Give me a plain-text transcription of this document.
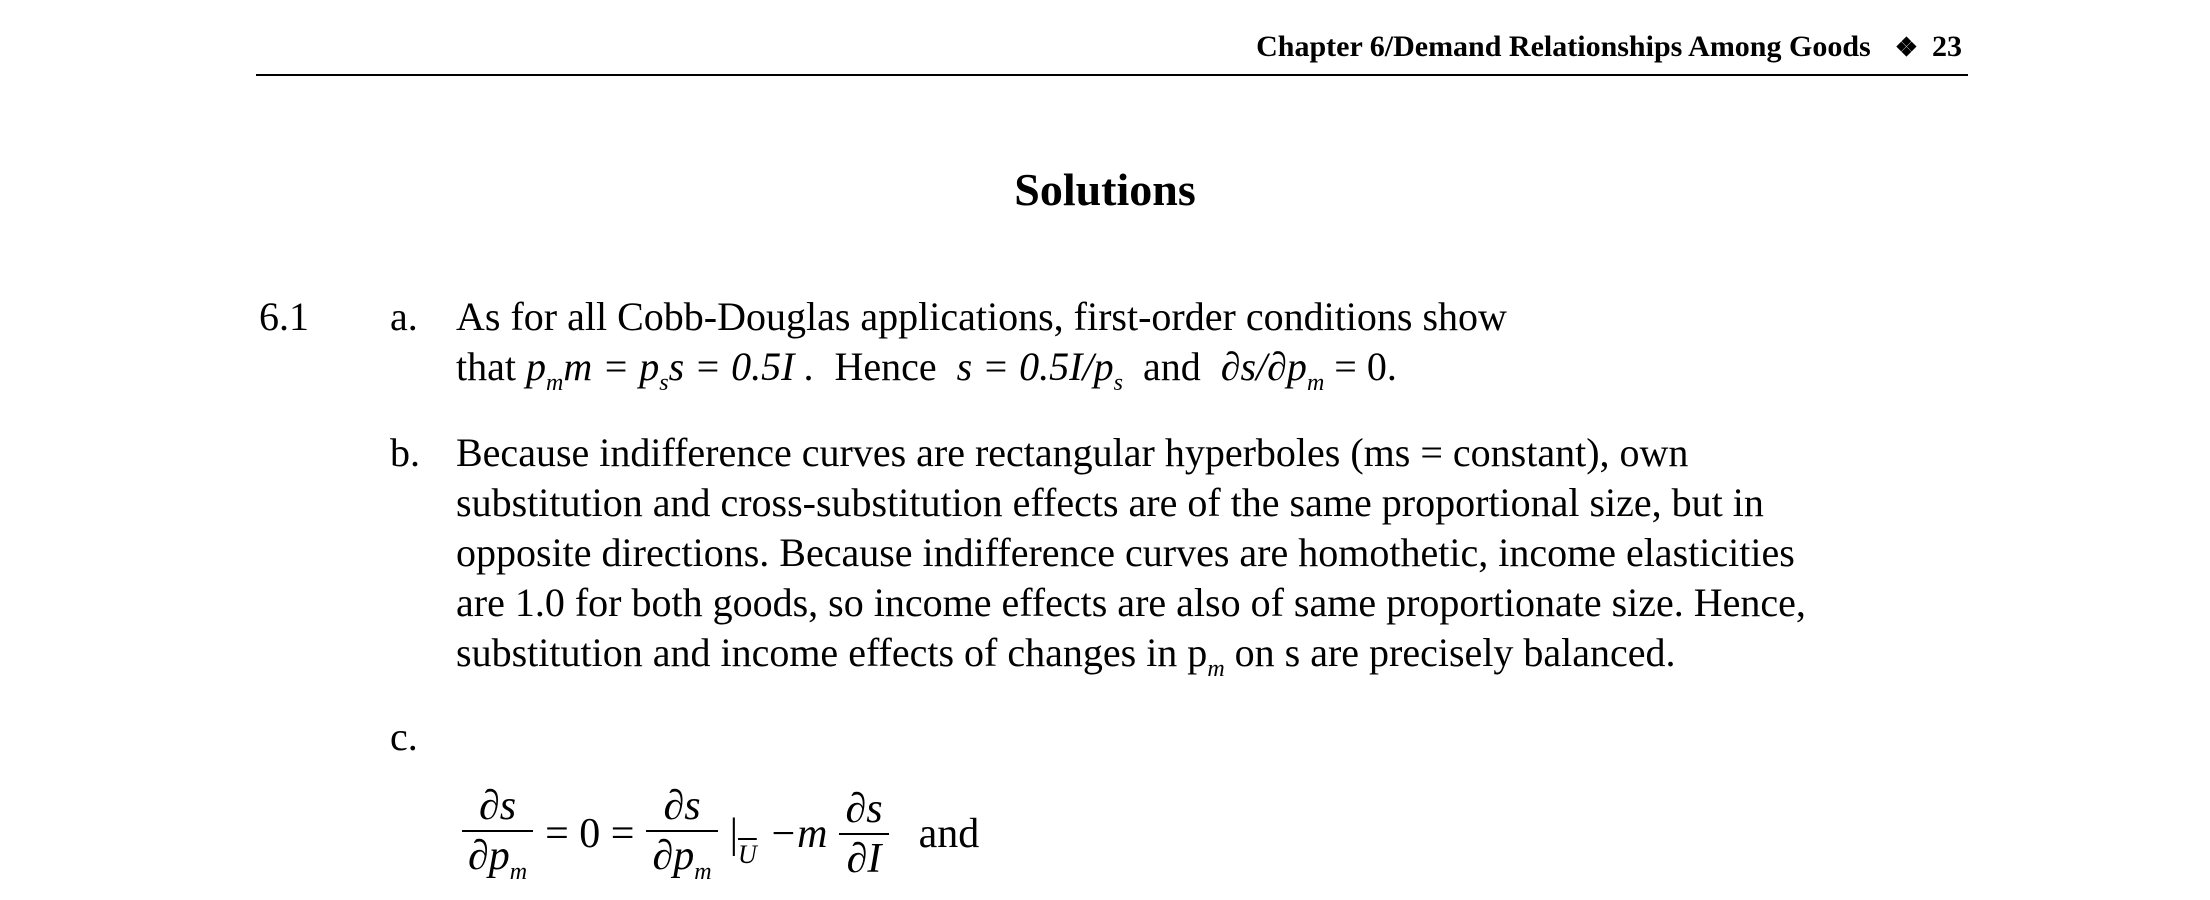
Chapter 6/Demand Relationships Among Goods ❖ 23
Solutions
6.1 a. As for all Cobb-Douglas applications, first-order conditions show
that $p_mm = p_ss = 0.5I$ . Hence $s = 0.5I/p_s$ and $\partial s/\partial p_m = 0$.
b. Because indifference curves are rectangular hyperboles (ms = constant), own
substitution and cross-substitution effects are of the same proportional size, but in
opposite directions. Because indifference curves are homothetic, income elasticities
are 1.0 for both goods, so income effects are also of same proportionate size. Hence,
substitution and income effects of changes in $p_m$ on s are precisely balanced.
c.
$\frac{\partial s}{\partial p_m} = 0 = \frac{\partial s}{\partial p_m} |_{\overline{U}} -m \frac{\partial s}{\partial I}$ and
